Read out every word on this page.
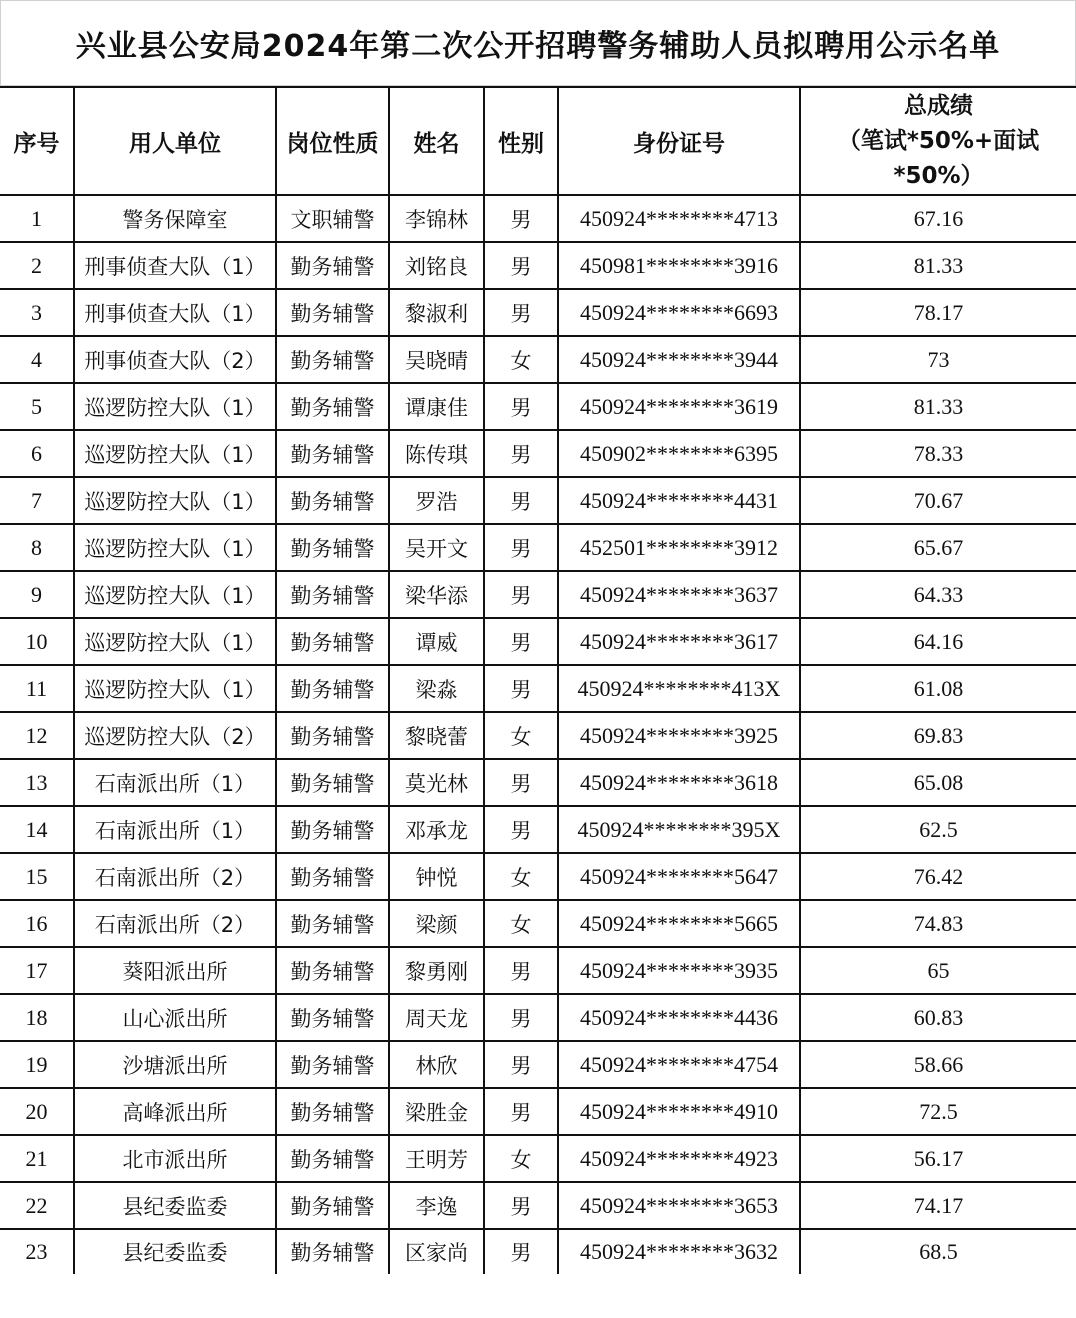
兴业县公安局2024年第二次公开招聘警务辅助人员拟聘用公示名单
序号	用人单位	岗位性质	姓名	性别	身份证号	总成绩
（笔试*50%+面试
*50%）

1	警务保障室	文职辅警	李锦林	男	450924********4713	67.16
2	刑事侦查大队（1）	勤务辅警	刘铭良	男	450981********3916	81.33
3	刑事侦查大队（1）	勤务辅警	黎淑利	男	450924********6693	78.17
4	刑事侦查大队（2）	勤务辅警	吴晓晴	女	450924********3944	73
5	巡逻防控大队（1）	勤务辅警	谭康佳	男	450924********3619	81.33
6	巡逻防控大队（1）	勤务辅警	陈传琪	男	450902********6395	78.33
7	巡逻防控大队（1）	勤务辅警	罗浩	男	450924********4431	70.67
8	巡逻防控大队（1）	勤务辅警	吴开文	男	452501********3912	65.67
9	巡逻防控大队（1）	勤务辅警	梁华添	男	450924********3637	64.33
10	巡逻防控大队（1）	勤务辅警	谭威	男	450924********3617	64.16
11	巡逻防控大队（1）	勤务辅警	梁淼	男	450924********413X	61.08
12	巡逻防控大队（2）	勤务辅警	黎晓蕾	女	450924********3925	69.83
13	石南派出所（1）	勤务辅警	莫光林	男	450924********3618	65.08
14	石南派出所（1）	勤务辅警	邓承龙	男	450924********395X	62.5
15	石南派出所（2）	勤务辅警	钟悦	女	450924********5647	76.42
16	石南派出所（2）	勤务辅警	梁颜	女	450924********5665	74.83
17	葵阳派出所	勤务辅警	黎勇刚	男	450924********3935	65
18	山心派出所	勤务辅警	周天龙	男	450924********4436	60.83
19	沙塘派出所	勤务辅警	林欣	男	450924********4754	58.66
20	高峰派出所	勤务辅警	梁胜金	男	450924********4910	72.5
21	北市派出所	勤务辅警	王明芳	女	450924********4923	56.17
22	县纪委监委	勤务辅警	李逸	男	450924********3653	74.17
23	县纪委监委	勤务辅警	区家尚	男	450924********3632	68.5
